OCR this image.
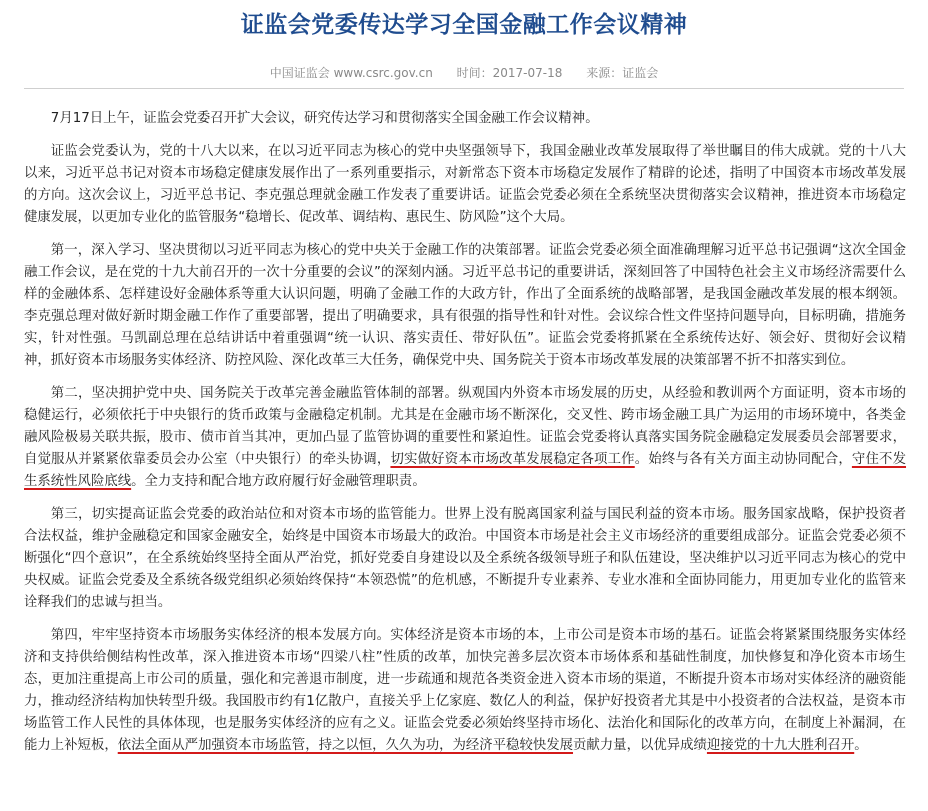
证监会党委传达学习全国金融工作会议精神
中国证监会 www.csrc.gov.cn 时间：2017-07-18 来源：证监会

7月17日上午，证监会党委召开扩大会议，研究传达学习和贯彻落实全国金融工作会议精神。

证监会党委认为，党的十八大以来，在以习近平同志为核心的党中央坚强领导下，我国金融业改革发展取得了举世瞩目的伟大成就。党的十八大以来，习近平总书记对资本市场稳定健康发展作出了一系列重要指示，对新常态下资本市场稳定发展作了精辟的论述，指明了中国资本市场改革发展的方向。这次会议上，习近平总书记、李克强总理就金融工作发表了重要讲话。证监会党委必须在全系统坚决贯彻落实会议精神，推进资本市场稳定健康发展，以更加专业化的监管服务“稳增长、促改革、调结构、惠民生、防风险”这个大局。

第一，深入学习、坚决贯彻以习近平同志为核心的党中央关于金融工作的决策部署。证监会党委必须全面准确理解习近平总书记强调“这次全国金融工作会议，是在党的十九大前召开的一次十分重要的会议”的深刻内涵。习近平总书记的重要讲话，深刻回答了中国特色社会主义市场经济需要什么样的金融体系、怎样建设好金融体系等重大认识问题，明确了金融工作的大政方针，作出了全面系统的战略部署，是我国金融改革发展的根本纲领。李克强总理对做好新时期金融工作作了重要部署，提出了明确要求，具有很强的指导性和针对性。会议综合性文件坚持问题导向，目标明确，措施务实，针对性强。马凯副总理在总结讲话中着重强调“统一认识、落实责任、带好队伍”。证监会党委将抓紧在全系统传达好、领会好、贯彻好会议精神，抓好资本市场服务实体经济、防控风险、深化改革三大任务，确保党中央、国务院关于资本市场改革发展的决策部署不折不扣落实到位。

第二，坚决拥护党中央、国务院关于改革完善金融监管体制的部署。纵观国内外资本市场发展的历史，从经验和教训两个方面证明，资本市场的稳健运行，必须依托于中央银行的货币政策与金融稳定机制。尤其是在金融市场不断深化，交叉性、跨市场金融工具广为运用的市场环境中，各类金融风险极易关联共振，股市、债市首当其冲，更加凸显了监管协调的重要性和紧迫性。证监会党委将认真落实国务院金融稳定发展委员会部署要求，自觉服从并紧紧依靠委员会办公室（中央银行）的牵头协调，切实做好资本市场改革发展稳定各项工作。始终与各有关方面主动协同配合，守住不发生系统性风险底线。全力支持和配合地方政府履行好金融管理职责。

第三，切实提高证监会党委的政治站位和对资本市场的监管能力。世界上没有脱离国家利益与国民利益的资本市场。服务国家战略，保护投资者合法权益，维护金融稳定和国家金融安全，始终是中国资本市场最大的政治。中国资本市场是社会主义市场经济的重要组成部分。证监会党委必须不断强化“四个意识”，在全系统始终坚持全面从严治党，抓好党委自身建设以及全系统各级领导班子和队伍建设，坚决维护以习近平同志为核心的党中央权威。证监会党委及全系统各级党组织必须始终保持“本领恐慌”的危机感，不断提升专业素养、专业水准和全面协同能力，用更加专业化的监管来诠释我们的忠诚与担当。

第四，牢牢坚持资本市场服务实体经济的根本发展方向。实体经济是资本市场的本，上市公司是资本市场的基石。证监会将紧紧围绕服务实体经济和支持供给侧结构性改革，深入推进资本市场“四梁八柱”性质的改革，加快完善多层次资本市场体系和基础性制度，加快修复和净化资本市场生态，更加注重提高上市公司的质量，强化和完善退市制度，进一步疏通和规范各类资金进入资本市场的渠道，不断提升资本市场对实体经济的融资能力，推动经济结构加快转型升级。我国股市约有1亿散户，直接关乎上亿家庭、数亿人的利益，保护好投资者尤其是中小投资者的合法权益，是资本市场监管工作人民性的具体体现，也是服务实体经济的应有之义。证监会党委必须始终坚持市场化、法治化和国际化的改革方向，在制度上补漏洞，在能力上补短板，依法全面从严加强资本市场监管，持之以恒，久久为功，为经济平稳较快发展贡献力量，以优异成绩迎接党的十九大胜利召开。
